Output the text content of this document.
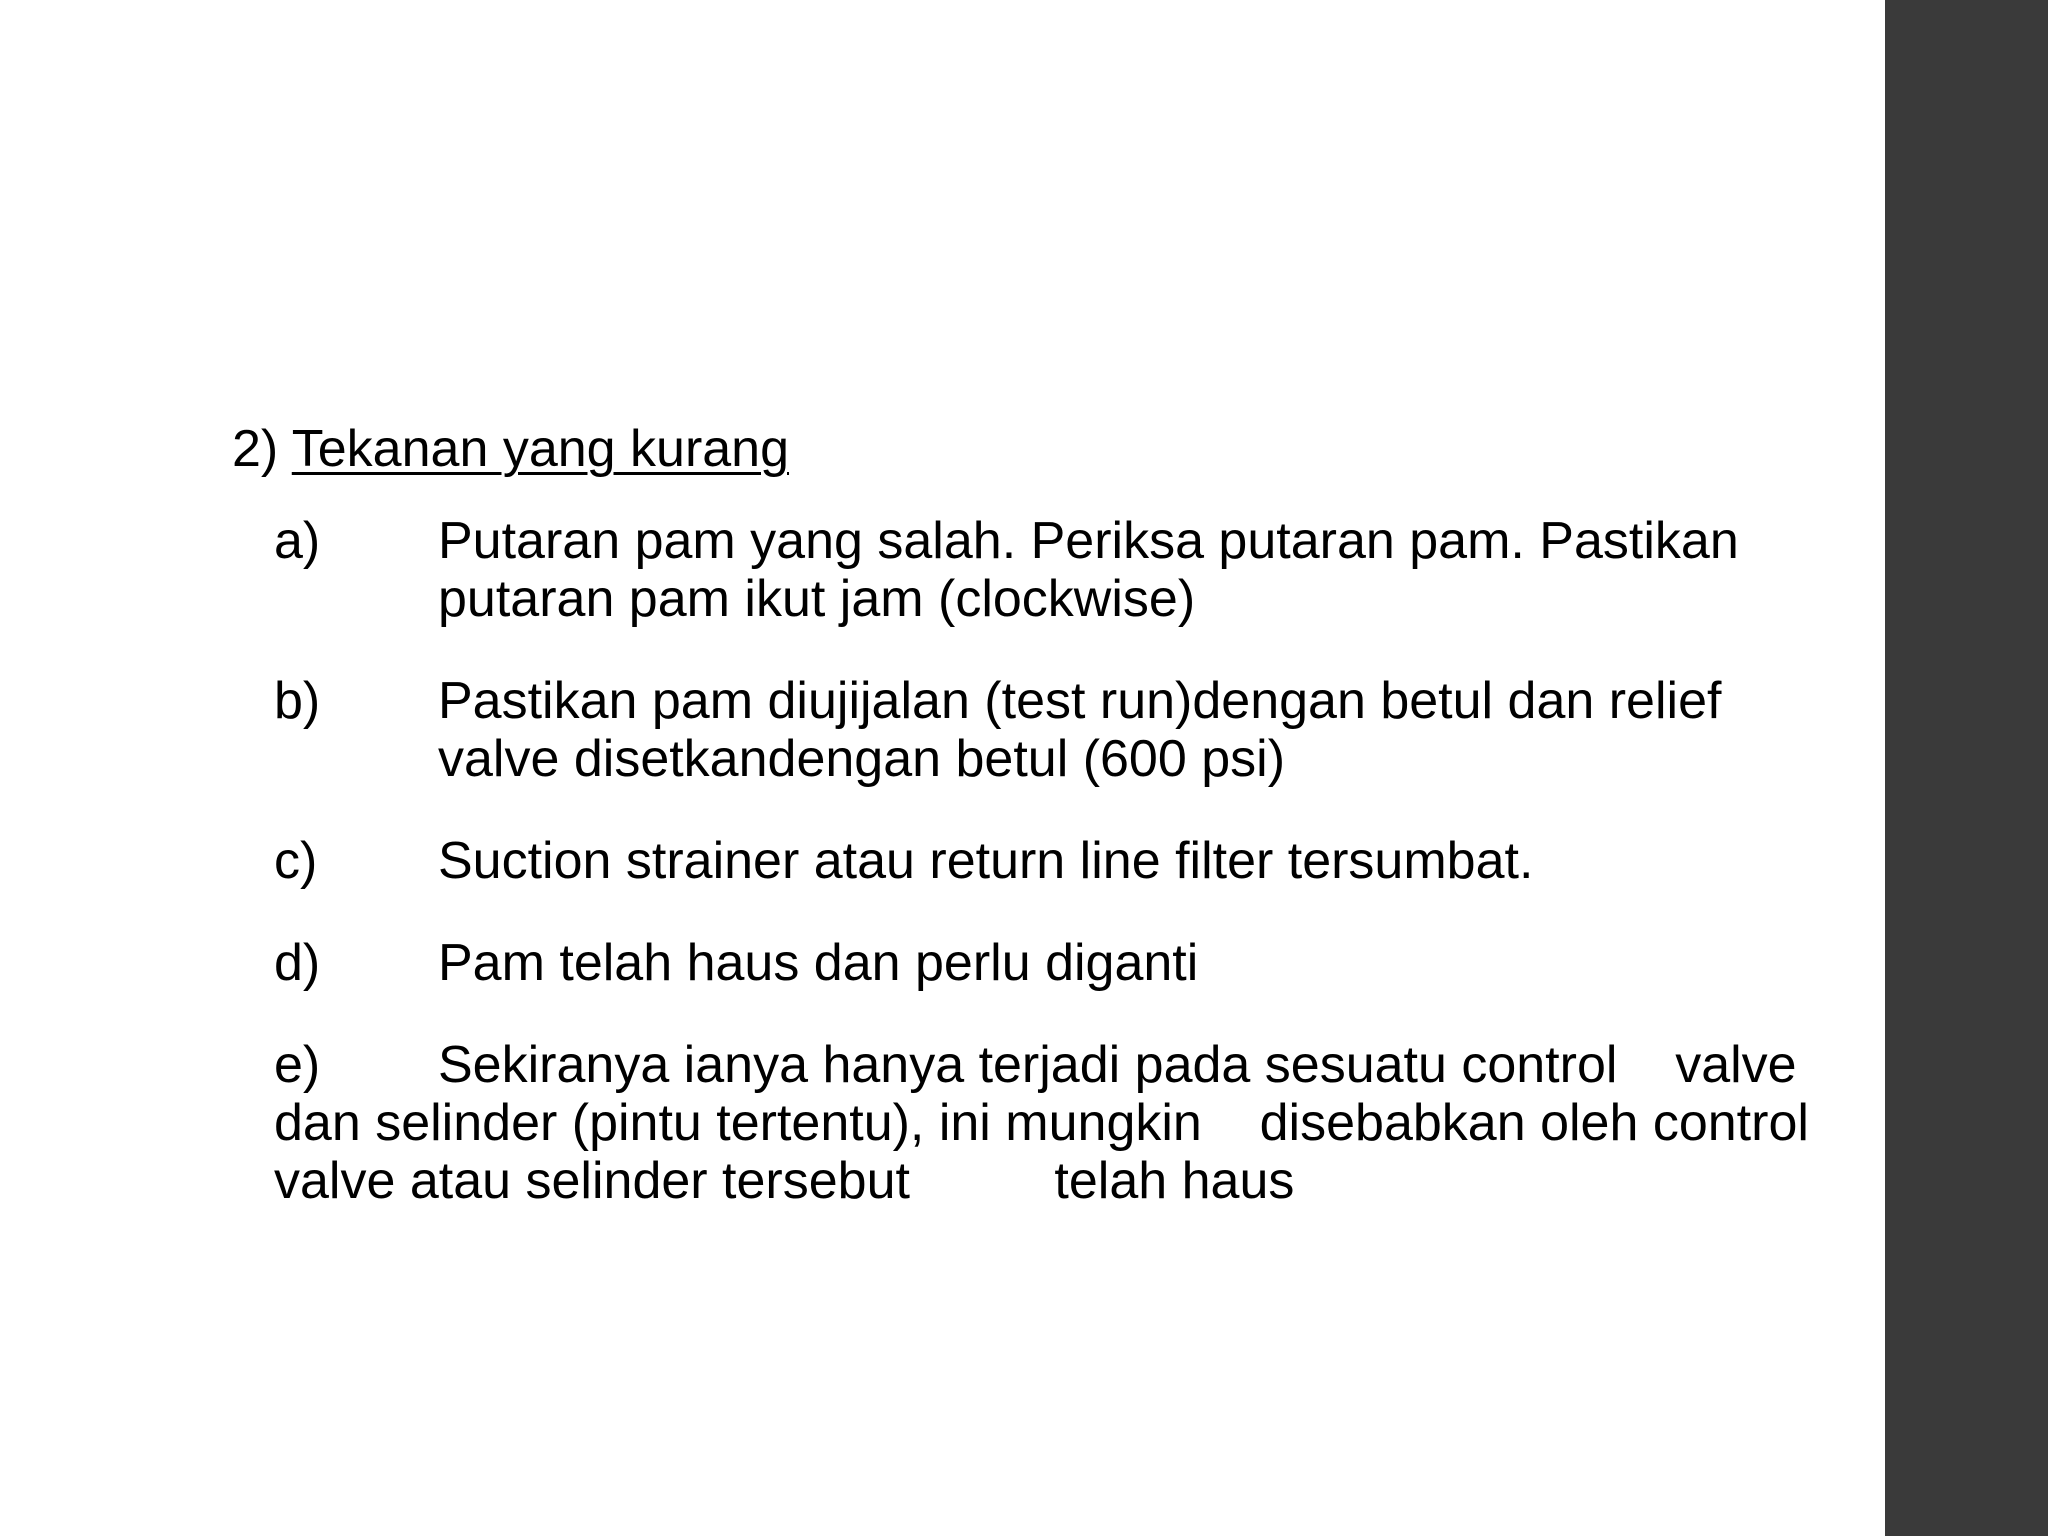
2) Tekanan yang kurang
a) Putaran pam yang salah. Periksa putaran pam. Pastikan putaran pam ikut jam (clockwise)
b) Pastikan pam diujijalan (test run)dengan betul dan relief valve disetkandengan betul (600 psi)
c) Suction strainer atau return line filter tersumbat.
d) Pam telah haus dan perlu diganti
e) Sekiranya ianya hanya terjadi pada sesuatu control    valve
dan selinder (pintu tertentu), ini mungkin    disebabkan oleh control
valve atau selinder tersebut          telah haus
